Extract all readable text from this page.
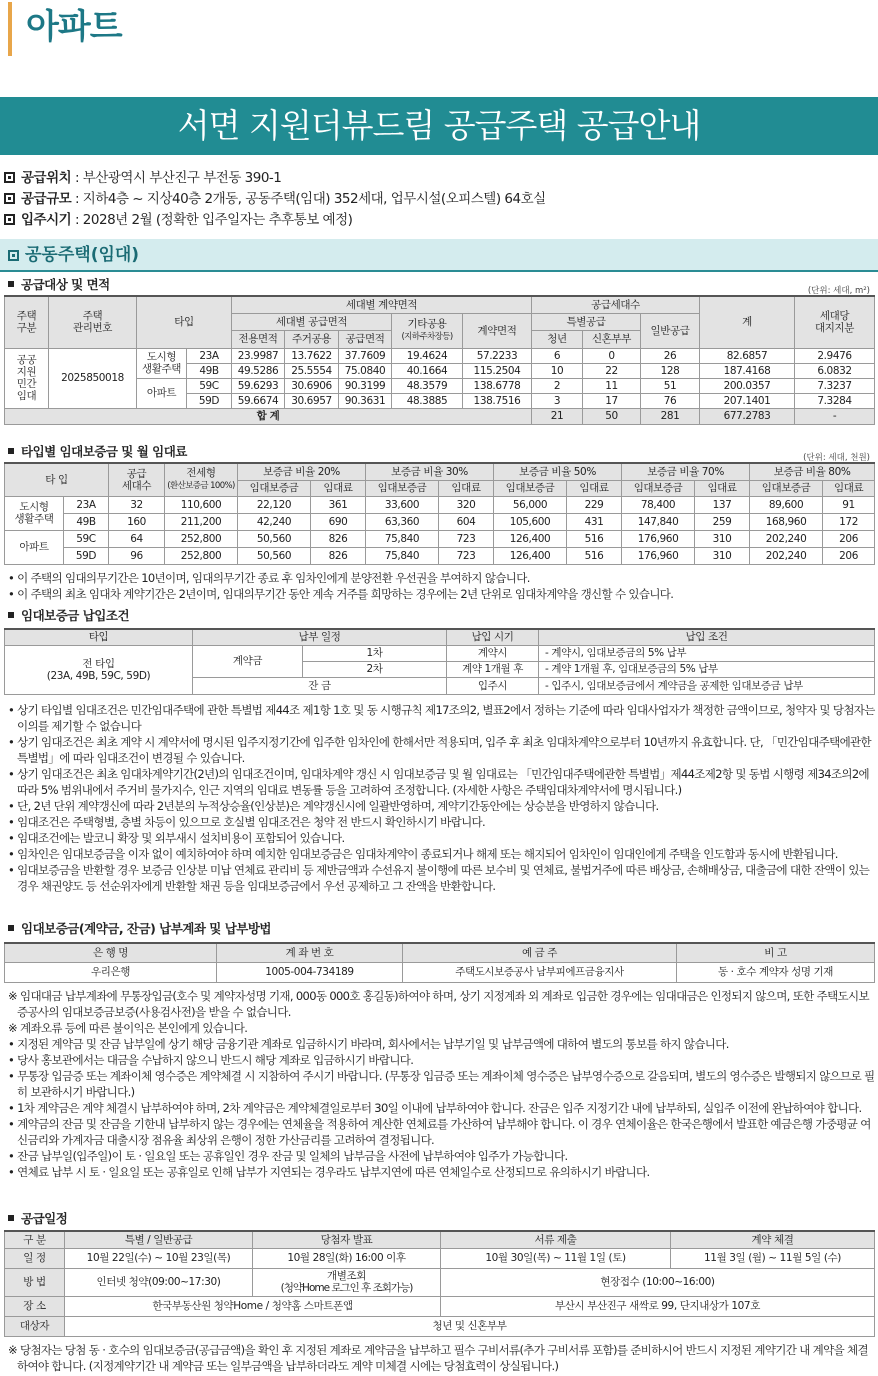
아파트
서면 지원더뷰드림 공급주택 공급안내
공급위치 : 부산광역시 부산진구 부전동 390-1
공급규모 : 지하4층 ~ 지상40층 2개동, 공동주택(임대) 352세대, 업무시설(오피스텔) 64호실
입주시기 : 2028년 2월 (정확한 입주일자는 추후통보 예정)
공동주택(임대)
공급대상 및 면적	(단위: 세대, m²)
주택
구분	주택
관리번호	타입		세대별 계약면적					공급세대수			계	세대당
대지지분
				세대별 공급면적			기타공용
(지하주차장등)	계약면적	특별공급		일반공급		
				전용면적	주거공용	공급면적			청년	신혼부부			
공공
지원
민간
임대	2025850018	도시형
생활주택	23A	23.9987	13.7622	37.7609	19.4624	57.2233	6	0	26	82.6857	2.9476
			49B	49.5286	25.5554	75.0840	40.1664	115.2504	10	22	128	187.4168	6.0832
		아파트	59C	59.6293	30.6906	90.3199	48.3579	138.6778	2	11	51	200.0357	7.3237
			59D	59.6674	30.6957	90.3631	48.3885	138.7516	3	17	76	207.1401	7.3284
합 계									21	50	281	677.2783	-
타입별 임대보증금 및 월 임대료	(단위: 세대, 천원)
타 입		공급
세대수	전세형
(환산보증금 100%)	보증금 비율 20%		보증금 비율 30%		보증금 비율 50%		보증금 비율 70%		보증금 비율 80%	
				임대보증금	임대료	임대보증금	임대료	임대보증금	임대료	임대보증금	임대료	임대보증금	임대료
도시형
생활주택	23A	32	110,600	22,120	361	33,600	320	56,000	229	78,400	137	89,600	91
	49B	160	211,200	42,240	690	63,360	604	105,600	431	147,840	259	168,960	172
아파트	59C	64	252,800	50,560	826	75,840	723	126,400	516	176,960	310	202,240	206
	59D	96	252,800	50,560	826	75,840	723	126,400	516	176,960	310	202,240	206

• 이 주택의 임대의무기간은 10년이며, 임대의무기간 종료 후 임차인에게 분양전환 우선권을 부여하지 않습니다.

• 이 주택의 최초 임대차 계약기간은 2년이며, 임대의무기간 동안 계속 거주를 희망하는 경우에는 2년 단위로 임대차계약을 갱신할 수 있습니다.

임대보증금 납입조건
타입	납부 일정		납입 시기	납입 조건
전 타입
(23A, 49B, 59C, 59D)	계약금	1차	계약시	- 계약시, 임대보증금의 5% 납부
		2차	계약 1개월 후	- 계약 1개월 후, 임대보증금의 5% 납부
	잔 금		입주시	- 입주시, 임대보증금에서 계약금을 공제한 임대보증금 납부

• 상기 타입별 임대조건은 민간임대주택에 관한 특별법 제44조 제1항 1호 및 동 시행규칙 제17조의2, 별표2에서 정하는 기준에 따라 임대사업자가 책정한 금액이므로, 청약자 및 당첨자는 이의를 제기할 수 없습니다

• 상기 임대조건은 최초 계약 시 계약서에 명시된 입주지정기간에 입주한 임차인에 한해서만 적용되며, 입주 후 최초 임대차계약으로부터 10년까지 유효합니다. 단, 「민간임대주택에관한특별법」에 따라 임대조건이 변경될 수 있습니다.

• 상기 임대조건은 최초 임대차계약기간(2년)의 임대조건이며, 임대차계약 갱신 시 임대보증금 및 월 임대료는 「민간임대주택에관한 특별법」제44조제2항 및 동법 시행령 제34조의2에 따라 5% 범위내에서 주거비 물가지수, 인근 지역의 임대료 변동률 등을 고려하여 조정합니다. (자세한 사항은 주택임대차계약서에 명시됩니다.)

• 단, 2년 단위 계약갱신에 따라 2년분의 누적상승율(인상분)은 계약갱신시에 일괄반영하며, 계약기간동안에는 상승분을 반영하지 않습니다.

• 임대조건은 주택형별, 층별 차등이 있으므로 호실별 임대조건은 청약 전 반드시 확인하시기 바랍니다.

• 임대조건에는 발코니 확장 및 외부새시 설치비용이 포함되어 있습니다.

• 임차인은 임대보증금을 이자 없이 예치하여야 하며 예치한 임대보증금은 임대차계약이 종료되거나 해제 또는 해지되어 임차인이 임대인에게 주택을 인도함과 동시에 반환됩니다.

• 임대보증금을 반환할 경우 보증금 인상분 미납 연체료 관리비 등 제반금액과 수선유지 불이행에 따른 보수비 및 연체료, 불법거주에 따른 배상금, 손해배상금, 대출금에 대한 잔액이 있는 경우 채권양도 등 선순위자에게 반환할 채권 등을 임대보증금에서 우선 공제하고 그 잔액을 반환합니다.

임대보증금(계약금, 잔금) 납부계좌 및 납부방법
은 행 명	계 좌 번 호	예 금 주	비 고
우리은행	1005-004-734189	주택도시보증공사 남부피에프금융지사	동 · 호수 계약자 성명 기재

※ 임대대금 납부계좌에 무통장입금(호수 및 계약자성명 기재, 000동 000호 홍길동)하여야 하며, 상기 지정계좌 외 계좌로 입금한 경우에는 임대대금은 인정되지 않으며, 또한 주택도시보증공사의 임대보증금보증(사용검사전)을 받을 수 없습니다.

※ 계좌오류 등에 따른 불이익은 본인에게 있습니다.

• 지정된 계약금 및 잔금 납부일에 상기 해당 금융기관 계좌로 입금하시기 바라며, 회사에서는 납부기일 및 납부금액에 대하여 별도의 통보를 하지 않습니다.

• 당사 홍보관에서는 대금을 수납하지 않으니 반드시 해당 계좌로 입금하시기 바랍니다.

• 무통장 입금증 또는 계좌이체 영수증은 계약체결 시 지참하여 주시기 바랍니다. (무통장 입금증 또는 계좌이체 영수증은 납부영수증으로 갈음되며, 별도의 영수증은 발행되지 않으므로 필히 보관하시기 바랍니다.)

• 1차 계약금은 계약 체결시 납부하여야 하며, 2차 계약금은 계약체결일로부터 30일 이내에 납부하여야 합니다. 잔금은 입주 지정기간 내에 납부하되, 실입주 이전에 완납하여야 합니다.

• 계약금의 잔금 및 잔금을 기한내 납부하지 않는 경우에는 연체율을 적용하여 계산한 연체료를 가산하여 납부해야 합니다. 이 경우 연체이율은 한국은행에서 발표한 예금은행 가중평균 여신금리와 가계자금 대출시장 점유율 최상위 은행이 정한 가산금리를 고려하여 결정됩니다.

• 잔금 납부일(입주일)이 토 · 일요일 또는 공휴일인 경우 잔금 및 일체의 납부금을 사전에 납부하여야 입주가 가능합니다.

• 연체료 납부 시 토 · 일요일 또는 공휴일로 인해 납부가 지연되는 경우라도 납부지연에 따른 연체일수로 산정되므로 유의하시기 바랍니다.

공급일정
구 분	특별 / 일반공급	당첨자 발표	서류 제출	계약 체결
일 정	10월 22일(수) ~ 10월 23일(목)	10월 28일(화) 16:00 이후	10월 30일(목) ~ 11월 1일 (토)	11월 3일 (월) ~ 11월 5일 (수)
방 법	인터넷 청약(09:00~17:30)	개별조회
(청약Home 로그인 후 조회가능)	현장접수 (10:00~16:00)	
장 소	한국부동산원 청약Home / 청약홈 스마트폰앱		부산시 부산진구 새싹로 99, 단지내상가 107호	
대상자	청년 및 신혼부부			

※ 당첨자는 당첨 동 · 호수의 임대보증금(공급금액)을 확인 후 지정된 계좌로 계약금을 납부하고 필수 구비서류(추가 구비서류 포함)를 준비하시어 반드시 지정된 계약기간 내 계약을 체결하여야 합니다. (지정계약기간 내 계약금 또는 일부금액을 납부하더라도 계약 미체결 시에는 당첨효력이 상실됩니다.)
